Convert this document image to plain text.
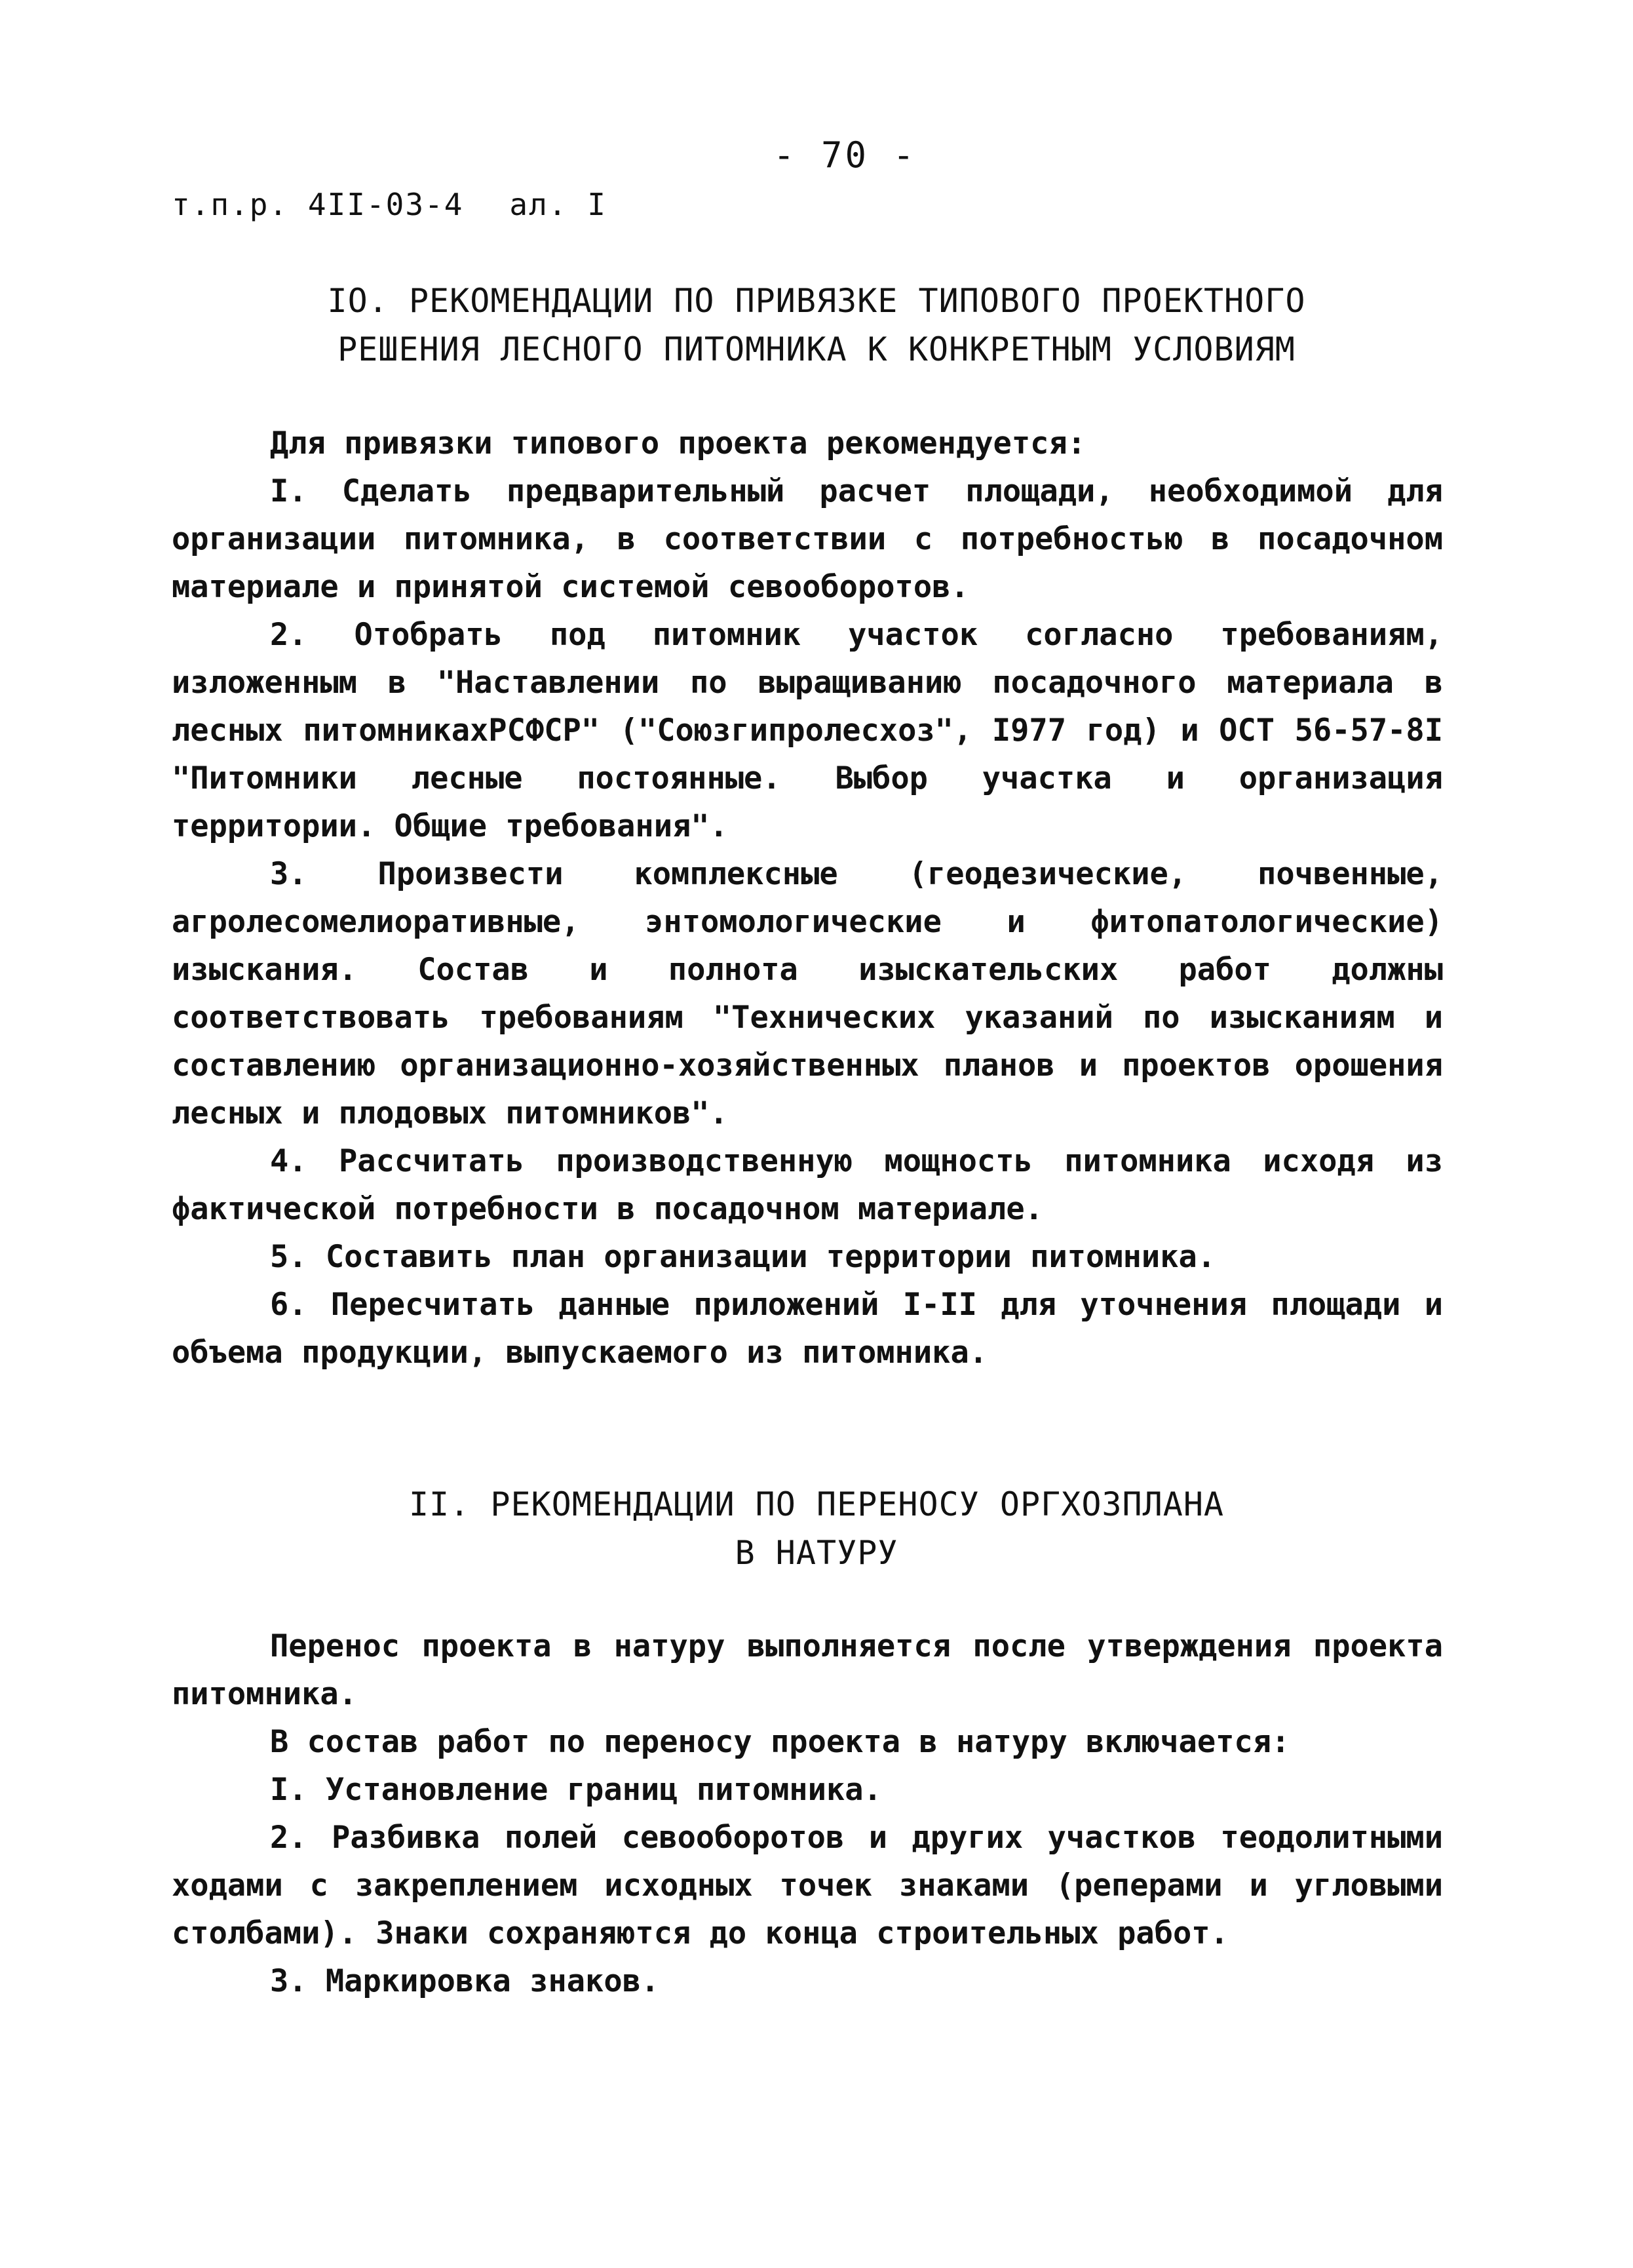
- 70 -
т.п.р. 4II-03-4 ал. I
IO. РЕКОМЕНДАЦИИ ПО ПРИВЯЗКЕ ТИПОВОГО ПРОЕКТНОГО
РЕШЕНИЯ ЛЕСНОГО ПИТОМНИКА К КОНКРЕТНЫМ УСЛОВИЯМ

Для привязки типового проекта рекомендуется:

I. Сделать предварительный расчет площади, необходимой для организации питомника, в соответствии с потребностью в посадочном материале и принятой системой севооборотов.

2. Отобрать под питомник участок согласно требованиям, изложенным в "Наставлении по выращиванию посадочного материала в лесных питомникахРСФСР" ("Союзгипролесхоз", I977 год) и ОСТ 56-57-8I "Питомники лесные постоянные. Выбор участка и организация территории. Общие требования".

3. Произвести комплексные (геодезические, почвенные, агролесомелиоративные, энтомологические и фитопатологические) изыскания. Состав и полнота изыскательских работ должны соответствовать требованиям "Технических указаний по изысканиям и составлению организационно-хозяйственных планов и проектов орошения лесных и плодовых питомников".

4. Рассчитать производственную мощность питомника исходя из фактической потребности в посадочном материале.

5. Составить план организации территории питомника.

6. Пересчитать данные приложений I-II для уточнения площади и объема продукции, выпускаемого из питомника.

II. РЕКОМЕНДАЦИИ ПО ПЕРЕНОСУ ОРГХОЗПЛАНА
В НАТУРУ

Перенос проекта в натуру выполняется после утверждения проекта питомника.

В состав работ по переносу проекта в натуру включается:

I. Установление границ питомника.

2. Разбивка полей севооборотов и других участков теодолитными ходами с закреплением исходных точек знаками (реперами и угловыми столбами). Знаки сохраняются до конца строительных работ.

3. Маркировка знаков.
